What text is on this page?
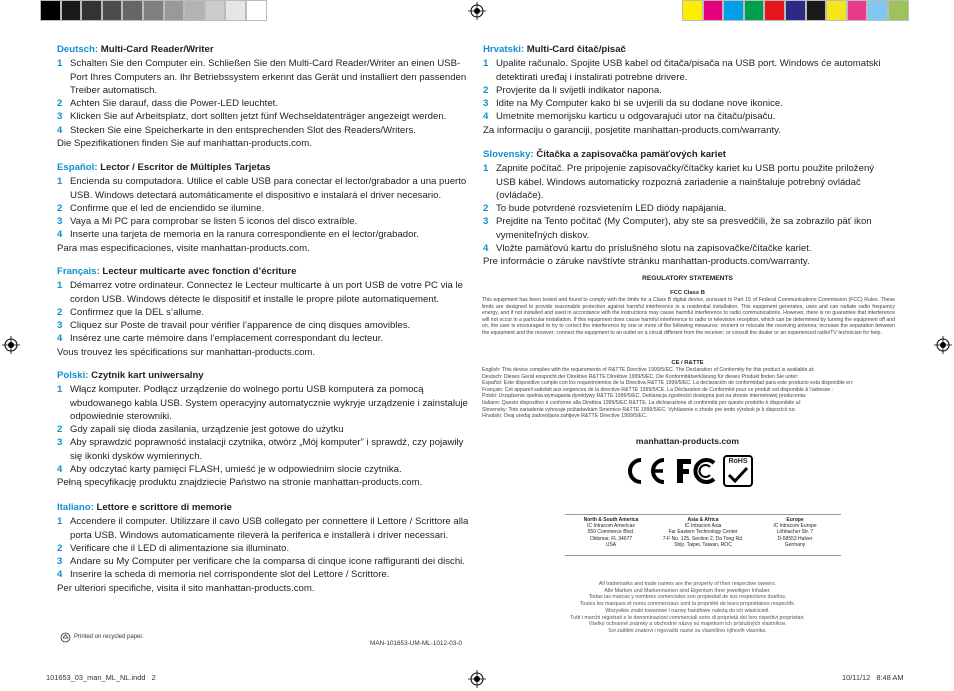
Deutsch: Multi-Card Reader/Writer
1 Schalten Sie den Computer ein. Schließen Sie den Multi-Card Reader/Writer an einen USB-Port Ihres Computers an. Ihr Betriebssystem erkennt das Gerät und installiert den passenden Treiber automatisch.
2 Achten Sie darauf, dass die Power-LED leuchtet.
3 Klicken Sie auf Arbeitsplatz, dort sollten jetzt fünf Wechseldatenträger angezeigt werden.
4 Stecken Sie eine Speicherkarte in den entsprechenden Slot des Readers/Writers.
Die Spezifikationen finden Sie auf manhattan-products.com.
Español: Lector / Escritor de Múltiples Tarjetas
1 Encienda su computadora. Utilice el cable USB para conectar el lector/grabador a una puerto USB. Windows detectará automáticamente el dispositivo e instalará el driver necesario.
2 Confirme que el led de enciendido se ilumine.
3 Vaya a Mi PC para comprobar se listen 5 iconos del disco extraíble.
4 Inserte una tarjeta de memoria en la ranura correspondiente en el lector/grabador.
Para mas especificaciones, visite manhattan-products.com.
Français: Lecteur multicarte avec fonction d’écriture
1 Démarrez votre ordinateur. Connectez le Lecteur multicarte à un port USB de votre PC via le cordon USB. Windows détecte le dispositif et installe le propre pilote automatiquement.
2 Confirmez que la DEL s’allume.
3 Cliquez sur Poste de travail pour vérifier l’apparence de cinq disques amovibles.
4 Insérez une carte mémoire dans l’emplacement correspondant du lecteur.
Vous trouvez les spécifications sur manhattan-products.com.
Polski: Czytnik kart uniwersalny
1 Włącz komputer. Podłącz urządzenie do wolnego portu USB komputera za pomocą wbudowanego kabla USB. System operacyjny automatycznie wykryje urządzenie i zainstaluje odpowiednie sterowniki.
2 Gdy zapali się dioda zasilania, urządzenie jest gotowe do użytku
3 Aby sprawdzić poprawność instalacji czytnika, otwórz „Mój komputer” i sprawdź, czy pojawiły się ikonki dysków wymiennych.
4 Aby odczytać karty pamięci FLASH, umieść je w odpowiednim slocie czytnika.
Pełną specyfikację produktu znajdziecie Państwo na stronie manhattan-products.com.
Italiano: Lettore e scrittore di memorie
1 Accendere il computer. Utilizzare il cavo USB collegato per connettere il Lettore / Scrittore alla porta USB. Windows automaticamente rileverà la periferica e installerà i driver necessari.
2 Verificare che il LED di alimentazione sia illuminato.
3 Andare su My Computer per verificare che la comparsa di cinque icone raffiguranti dei dischi.
4 Inserire la scheda di memoria nel corrispondente slot del Lettore / Scrittore.
Per ulteriori specifiche, visita il sito manhattan-products.com.
Hrvatski: Multi-Card čitač/pisač
1 Upalite računalo. Spojite USB kabel od čitača/pisača na USB port. Windows će automatski detektirati uređaj i instalirati potrebne drivere.
2 Provjerite da li svijetli indikator napona.
3 Idite na My Computer kako bi se uvjerili da su dodane nove ikonice.
4 Umetnite memorijsku karticu u odgovarajući utor na čitaču/pisaču.
Za informaciju o garanciji, posjetite manhattan-products.com/warranty.
Slovensky: Čítačka a zapisovačka pamäťových kariet
1 Zapnite počítač. Pre pripojenie zapisovačky/čítačky kariet ku USB portu použite priložený USB kábel. Windows automaticky rozpozná zariadenie a nainštaluje potrebný ovládač (ovládače).
2 To bude potvrdené rozsvietením LED diódy napájania.
3 Prejdite na Tento počítač (My Computer), aby ste sa presvedčili, že sa zobrazilo päť ikon vymeniteľných diskov.
4 Vložte pamäťovú kartu do príslušného slotu na zapisovačke/čítačke kariet.
Pre informácie o záruke navštívte stránku manhattan-products.com/warranty.
REGULATORY STATEMENTS
FCC Class B
This equipment has been tested and found to comply with the limits for a Class B digital device, pursuant to Part 15 of Federal Communications Commission (FCC) Rules. These limits are designed to provide reasonable protection against harmful interference in a residential installation. This equipment generates, uses and can radiate radio frequency energy, and if not installed and used in accordance with the instructions may cause harmful interference to radio communications. However, there is no guarantee that interference will not occur in a particular installation. If this equipment does cause harmful interference to radio or television reception, which can be determined by turning the equipment off and on, the user is encouraged to try to correct the interference by one or more of the following measures: reorient or relocate the receiving antenna; increase the separation between the equipment and the receiver; connect the equipment to an outlet on a circuit different from the receiver; or consult the dealer or an experienced radio/TV technician for help.
CE / R&TTE
English: This device complies with the requirements of R&TTE Directive 1999/5/EC. The Declaration of Conformity for this product is available at:
Deutsch: Dieses Gerät enspricht der Direktive R&TTE Direktive 1999/5/EC. Die Konformitätserklärung für dieses Produkt finden Sie unter:
Español: Este dispositivo cumple con los requerimientos de la Directiva R&TTE 1999/5/EC. La declaración de conformidad para este producto esta disponible en:
Français: Cet appareil satisfait aux exigences de la directive R&TTE 1999/5/CE. La Déclaration de Conformité pour ce produit est disponible à l’adresse :
Polski: Urządzenie spełnia wymagania dyrektywy R&TTE 1999/5/EC. Deklaracja zgodności dostępna jest na stronie internetowej producenta:
Italiano: Questo dispositivo è conforme alla Direttiva 1999/5/EC R&TTE. La dichiarazione di conformità per questo prodotto è disponibile al:
Slovensky: Toto zariadenie vyhovuje požiadavkám Smernice R&TTE 1999/5/EC. Vyhlásenie o zhode pre tento výrobok je k dispozícii na:
Hrvatski: Ovaj uređaj zadovoljava zahtjeve R&TTE Directive 1999/5/EC.
manhattan-products.com
RoHS
North & South America
IC Intracom Americas
550 Commerce Blvd.
Oldsmar, FL 34677
USA
Asia & Africa
IC Intracom Asia
Far Eastern Technology Center
7-F No. 125, Section 2, Da Tong Rd.
Shijr, Taipei, Taiwan, ROC
Europe
IC Intracom Europe
Löhbacher Str. 7
D-58553 Halver
Germany
All trademarks and trade names are the property of their respective owners.
Alle Marken und Markennamen sind Eigentum Ihrer jeweiligen Inhaber.
Todas las marcas y nombres comerciales son propiedad de sus respectivos dueños.
Toutes les marques et noms commerciaux sont la propriété de leurs propriétaires respectifs.
Wszystkie znaki towarowe i nazwy handlowe należą do ich właścicieli.
Tutti i marchi registrati e le denominazioni commerciali sono di proprietà dei loro rispettivi proprietari.
Všetky ochranné známky a obchodné názvy sú majetkom ich príslušných vlastníkov.
Svi zaštitni znakovi i trgovački nazivi su vlasništvo njihovih vlasnika.
Printed on recycled paper.
MAN-101653-UM-ML-1012-03-0
101653_03_man_ML_NL.indd   2	10/11/12   8:48 AM
